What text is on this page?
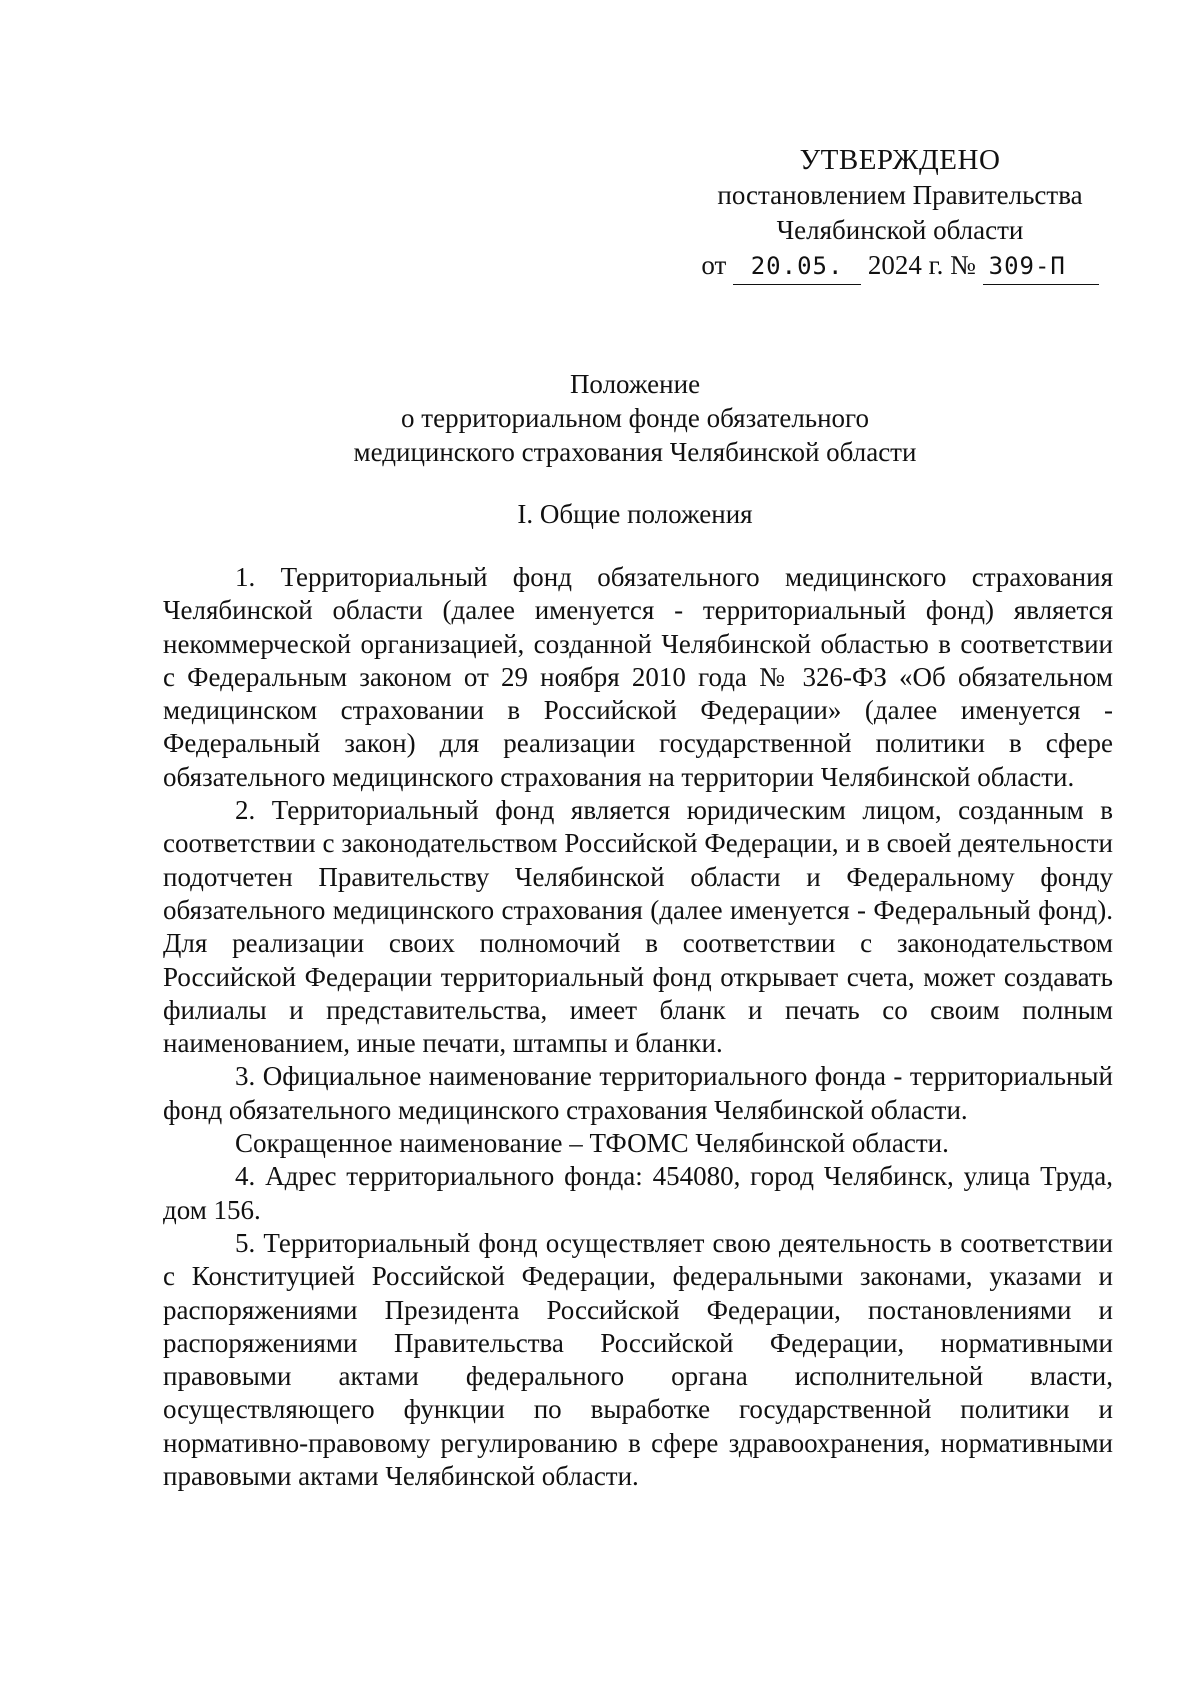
УТВЕРЖДЕНО
постановлением Правительства
Челябинской области
от 20.05. 2024 г. № 309-П
Положение
о территориальном фонде обязательного
медицинского страхования Челябинской области
I. Общие положения

1. Территориальный фонд обязательного медицинского страхования Челябинской области (далее именуется - территориальный фонд) является некоммерческой организацией, созданной Челябинской областью в соответствии с Федеральным законом от 29 ноября 2010 года № 326-ФЗ «Об обязательном медицинском страховании в Российской Федерации» (далее именуется - Федеральный закон) для реализации государственной политики в сфере обязательного медицинского страхования на территории Челябинской области.

2. Территориальный фонд является юридическим лицом, созданным в соответствии с законодательством Российской Федерации, и в своей деятельности подотчетен Правительству Челябинской области и Федеральному фонду обязательного медицинского страхования (далее именуется - Федеральный фонд). Для реализации своих полномочий в соответствии с законодательством Российской Федерации территориальный фонд открывает счета, может создавать филиалы и представительства, имеет бланк и печать со своим полным наименованием, иные печати, штампы и бланки.

3. Официальное наименование территориального фонда - территориальный фонд обязательного медицинского страхования Челябинской области.

Сокращенное наименование – ТФОМС Челябинской области.

4. Адрес территориального фонда: 454080, город Челябинск, улица Труда, дом 156.

5. Территориальный фонд осуществляет свою деятельность в соответствии с Конституцией Российской Федерации, федеральными законами, указами и распоряжениями Президента Российской Федерации, постановлениями и распоряжениями Правительства Российской Федерации, нормативными правовыми актами федерального органа исполнительной власти, осуществляющего функции по выработке государственной политики и нормативно-правовому регулированию в сфере здравоохранения, нормативными правовыми актами Челябинской области.
